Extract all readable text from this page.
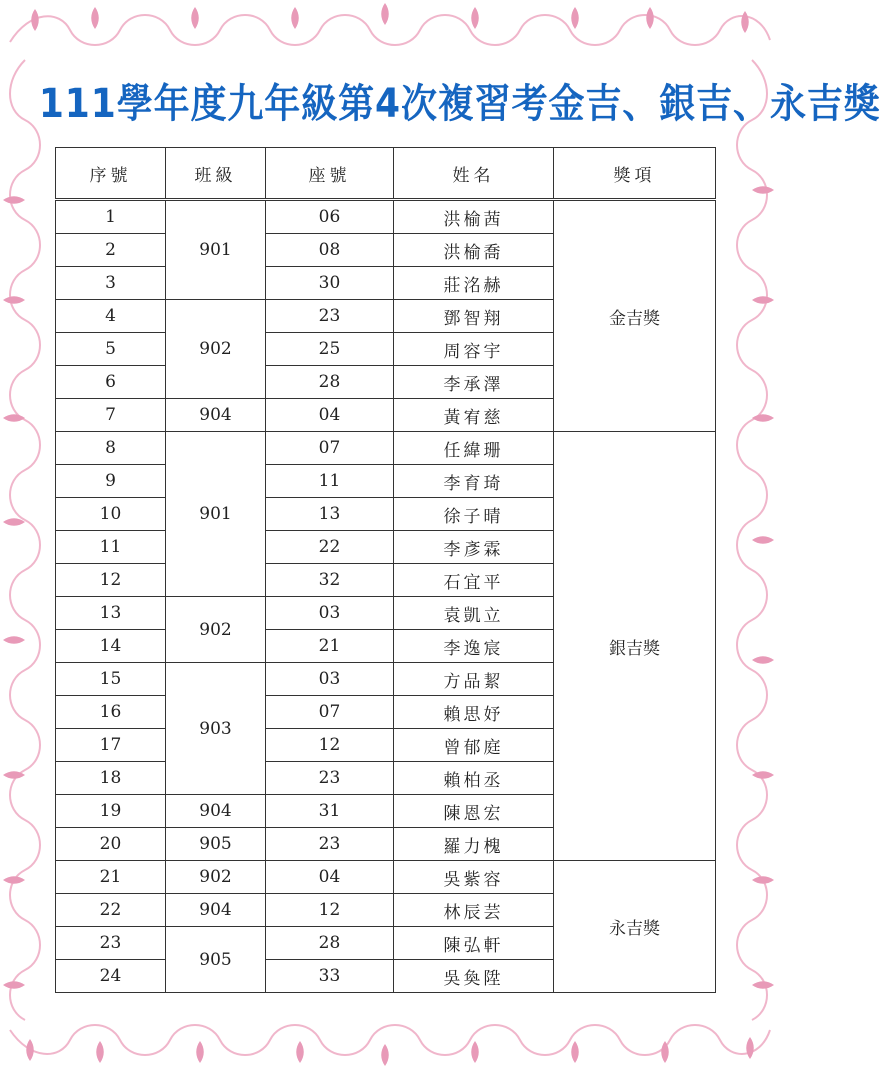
111學年度九年級第4次複習考金吉、銀吉、永吉獎
序號	班級	座號	姓名	獎項
1	901	06	洪榆茜	金吉獎
2		08	洪榆喬	
3		30	莊洺赫	
4	902	23	鄧智翔	
5		25	周容宇	
6		28	李承澤	
7	904	04	黃宥慈	
8	901	07	任緯珊	銀吉獎
9		11	李育琦	
10		13	徐子晴	
11		22	李彥霖	
12		32	石宜平	
13	902	03	袁凱立	
14		21	李逸宸	
15	903	03	方品絜	
16		07	賴思妤	
17		12	曾郁庭	
18		23	賴柏丞	
19	904	31	陳恩宏	
20	905	23	羅力槐	
21	902	04	吳紫容	永吉獎
22	904	12	林辰芸	
23	905	28	陳弘軒	
24		33	吳奐陞	
